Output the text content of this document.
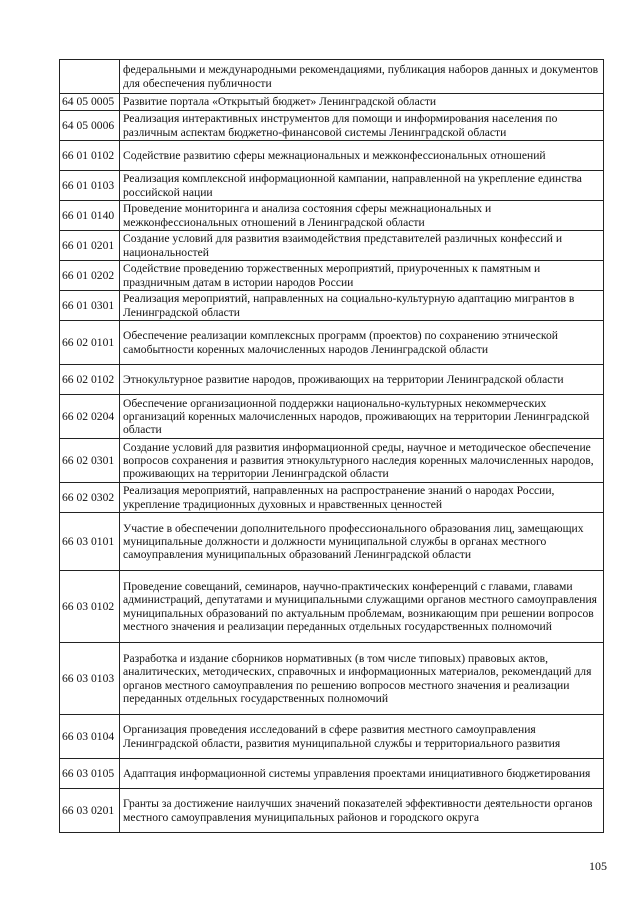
	федеральными и международными рекомендациями, публикация наборов данных и документов для обеспечения публичности
64 05 0005	Развитие портала «Открытый бюджет» Ленинградской области
64 05 0006	Реализация интерактивных инструментов для помощи и информирования населения по различным аспектам бюджетно-финансовой системы Ленинградской области
66 01 0102	Содействие развитию сферы межнациональных и межконфессиональных отношений
66 01 0103	Реализация комплексной информационной кампании, направленной на укрепление единства российской нации
66 01 0140	Проведение мониторинга и анализа состояния сферы межнациональных и межконфессиональных отношений в Ленинградской области
66 01 0201	Создание условий для развития взаимодействия представителей различных конфессий и национальностей
66 01 0202	Содействие проведению торжественных мероприятий, приуроченных к памятным и праздничным датам в истории народов России
66 01 0301	Реализация мероприятий, направленных на социально-культурную адаптацию мигрантов в Ленинградской области
66 02 0101	Обеспечение реализации комплексных программ (проектов) по сохранению этнической самобытности коренных малочисленных народов Ленинградской области
66 02 0102	Этнокультурное развитие народов, проживающих на территории Ленинградской области
66 02 0204	Обеспечение организационной поддержки национально-культурных некоммерческих организаций коренных малочисленных народов, проживающих на территории Ленинградской области
66 02 0301	Создание условий для развития информационной среды, научное и методическое обеспечение вопросов сохранения и развития этнокультурного наследия коренных малочисленных народов, проживающих на территории Ленинградской области
66 02 0302	Реализация мероприятий, направленных на распространение знаний о народах России, укрепление традиционных духовных и нравственных ценностей
66 03 0101	Участие в обеспечении дополнительного профессионального образования лиц, замещающих муниципальные должности и должности муниципальной службы в органах местного самоуправления муниципальных образований Ленинградской области
66 03 0102	Проведение совещаний, семинаров, научно-практических конференций с главами, главами администраций, депутатами и муниципальными служащими органов местного самоуправления муниципальных образований по актуальным проблемам, возникающим при решении вопросов местного значения и реализации переданных отдельных государственных полномочий
66 03 0103	Разработка и издание сборников нормативных (в том числе типовых) правовых актов, аналитических, методических, справочных и информационных материалов, рекомендаций для органов местного самоуправления по решению вопросов местного значения и реализации переданных отдельных государственных полномочий
66 03 0104	Организация проведения исследований в сфере развития местного самоуправления Ленинградской области, развития муниципальной службы и территориального развития
66 03 0105	Адаптация информационной системы управления проектами инициативного бюджетирования
66 03 0201	Гранты за достижение наилучших значений показателей эффективности деятельности органов местного самоуправления муниципальных районов и городского округа
105
